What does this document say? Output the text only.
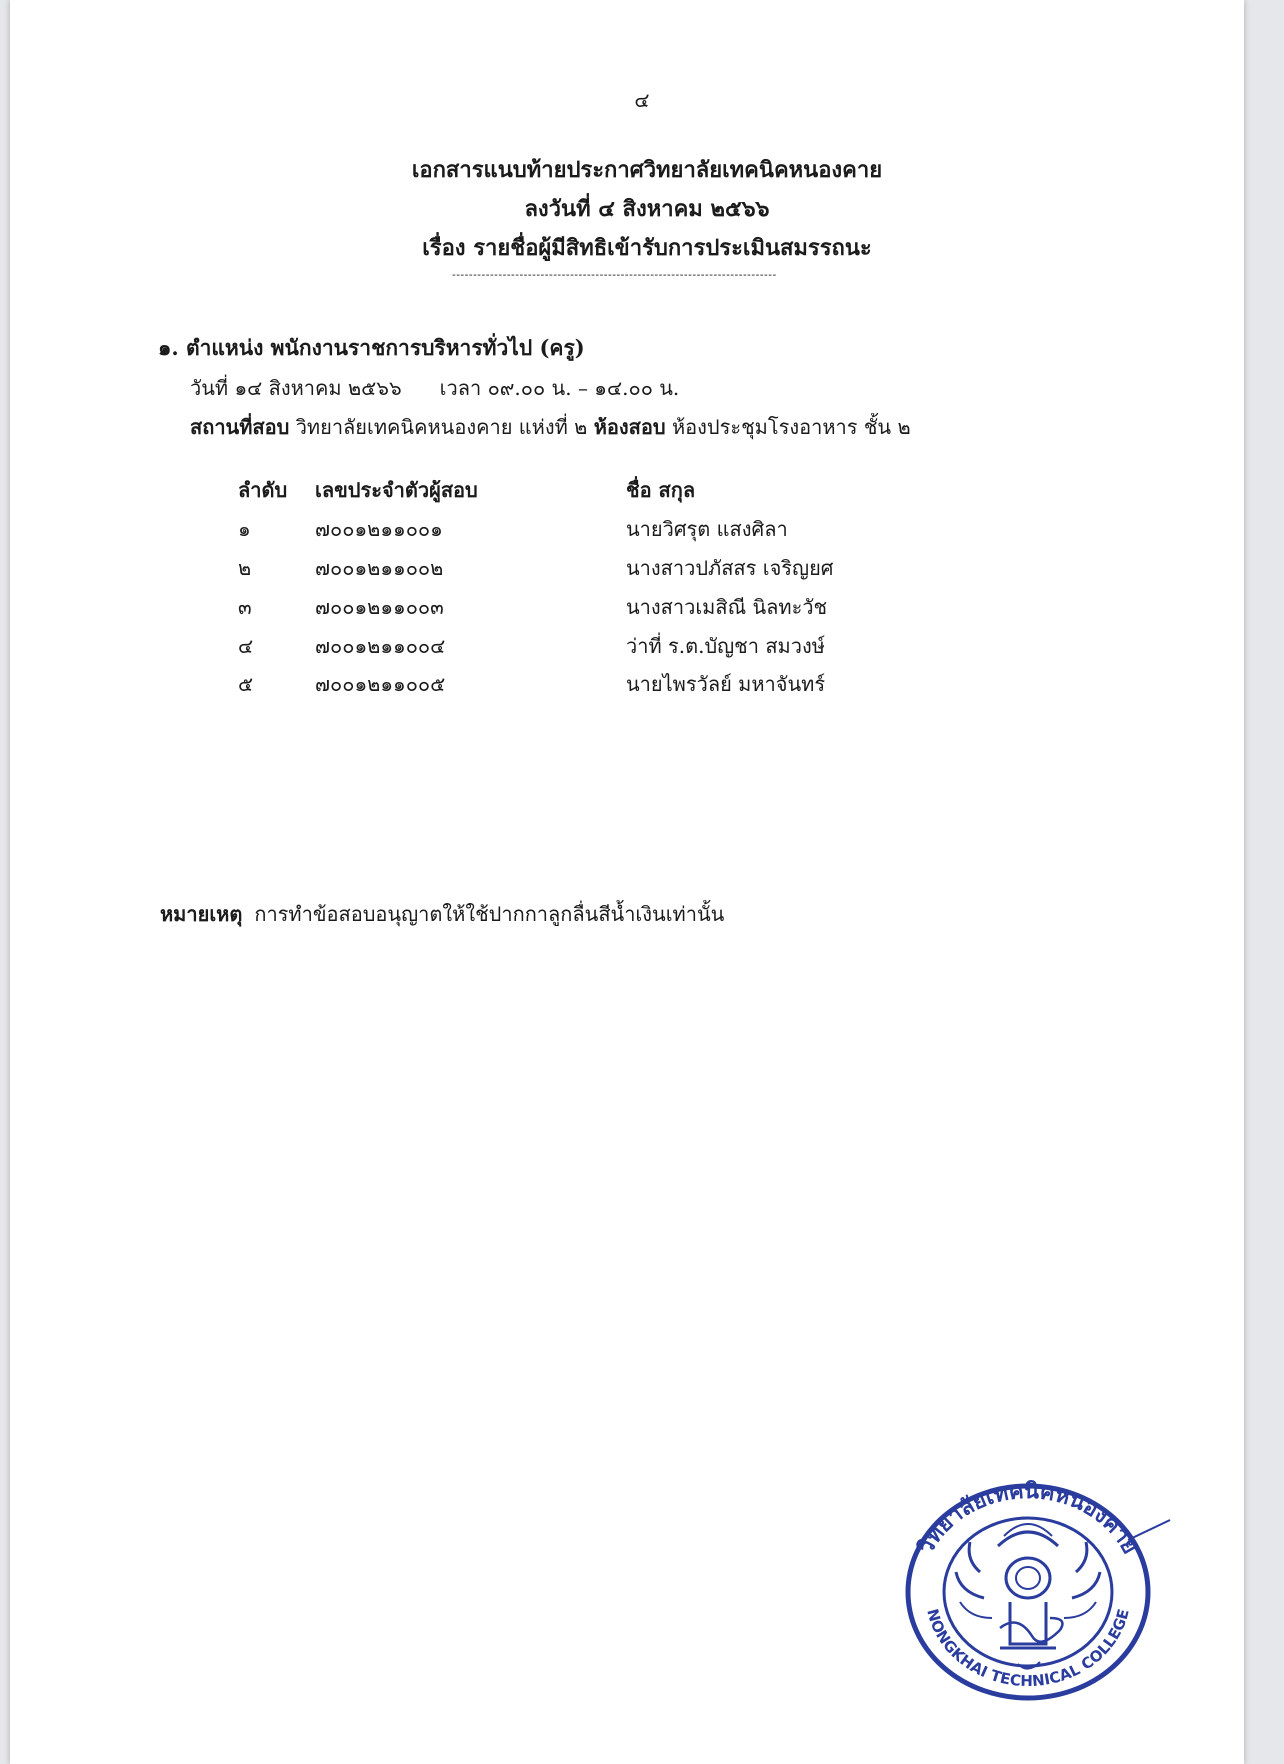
๔
เอกสารแนบท้ายประกาศวิทยาลัยเทคนิคหนองคาย
ลงวันที่ ๔ สิงหาคม ๒๕๖๖
เรื่อง รายชื่อผู้มีสิทธิเข้ารับการประเมินสมรรถนะ
-----------------------------------------------------------------------------
๑. ตำแหน่ง พนักงานราชการบริหารทั่วไป (ครู)
วันที่ ๑๔ สิงหาคม ๒๕๖๖ เวลา ๐๙.๐๐ น. – ๑๔.๐๐ น.
สถานที่สอบ วิทยาลัยเทคนิคหนองคาย แห่งที่ ๒ ห้องสอบ ห้องประชุมโรงอาหาร ชั้น ๒
ลำดับ เลขประจำตัวผู้สอบ	ชื่อ สกุล
๑	๗๐๐๑๒๑๑๐๐๑	นายวิศรุต แสงศิลา
๒	๗๐๐๑๒๑๑๐๐๒	นางสาวปภัสสร เจริญยศ
๓	๗๐๐๑๒๑๑๐๐๓	นางสาวเมสิณี นิลทะวัช
๔	๗๐๐๑๒๑๑๐๐๔	ว่าที่ ร.ต.บัญชา สมวงษ์
๕	๗๐๐๑๒๑๑๐๐๕	นายไพรวัลย์ มหาจันทร์
หมายเหตุ การทำข้อสอบอนุญาตให้ใช้ปากกาลูกลื่นสีน้ำเงินเท่านั้น
วิทยาลัยเทคนิคหนองคาย
NONGKHAI TECHNICAL COLLEGE
